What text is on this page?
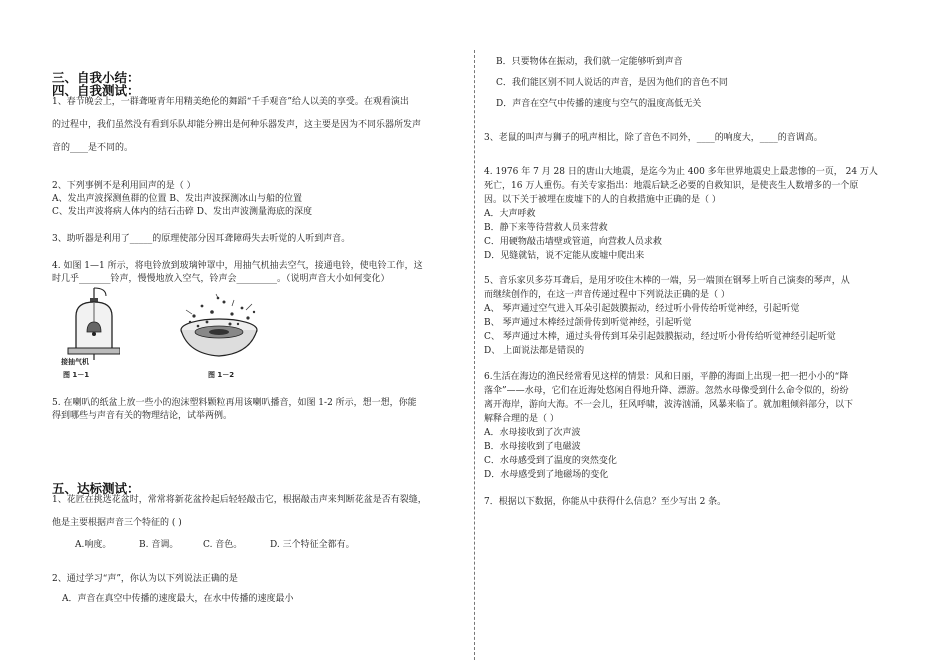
三、自我小结：
四、自我测试：
1、春节晚会上，一群聋哑青年用精美绝伦的舞蹈“千手观音”给人以美的享受。在观看演出
的过程中，我们虽然没有看到乐队却能分辨出是何种乐器发声，这主要是因为不同乐器所发声
音的____是不同的。
2、下列事例不是利用回声的是（ ）
A、发出声波探测鱼群的位置 B、发出声波探测冰山与船的位置
C、发出声波将病人体内的结石击碎 D、发出声波测量海底的深度
3、助听器是利用了_____的原理使部分因耳聋障碍失去听觉的人听到声音。
4. 如图 1—1 所示，将电铃放到玻璃钟罩中，用抽气机抽去空气，接通电铃，使电铃工作，这
时几乎_______铃声，慢慢地放入空气，铃声会_________。（说明声音大小如何变化）
接抽气机
图 1－1	图 1－2
5. 在喇叭的纸盆上放一些小的泡沫塑料颗粒再用该喇叭播音，如图 1-2 所示，想一想，你能
得到哪些与声音有关的物理结论，试举两例。
五、达标测试：
1、花匠在挑选花盆时，常常将新花盆拎起后轻轻敲击它，根据敲击声来判断花盆是否有裂缝，
他是主要根据声音三个特征的 ( )
A.响度。	B. 音调。	C. 音色。	D. 三个特征全都有。
2、通过学习“声”，你认为以下列说法正确的是
A．声音在真空中传播的速度最大，在水中传播的速度最小
B．只要物体在振动，我们就一定能够听到声音
C．我们能区别不同人说话的声音，是因为他们的音色不同
D．声音在空气中传播的速度与空气的温度高低无关
3、老鼠的叫声与狮子的吼声相比，除了音色不同外，____的响度大，____的音调高。
4. 1976 年 7 月 28 日的唐山大地震，是迄今为止 400 多年世界地震史上最悲惨的一页， 24 万人
死亡，16 万人重伤。有关专家指出：地震后缺乏必要的自救知识，是使丧生人数增多的一个原
因。以下关于被埋在废墟下的人的自救措施中正确的是（ ）
A．大声呼救
B．静下来等待营救人员来营救
C．用硬物敲击墙壁或管道，向营救人员求救
D．见缝就钻，说不定能从废墟中爬出来
5、音乐家贝多芬耳聋后，是用牙咬住木棒的一端，另一端顶在钢琴上听自己演奏的琴声，从
而继续创作的，在这一声音传递过程中下列说法正确的是（ ）
A、 琴声通过空气进入耳朵引起鼓膜振动，经过听小骨传给听觉神经，引起听觉
B、 琴声通过木棒经过颌骨传到听觉神经，引起听觉
C、 琴声通过木棒，通过头骨传到耳朵引起鼓膜振动，经过听小骨传给听觉神经引起听觉
D、 上面说法都是错误的
6.生活在海边的渔民经常看见这样的情景：风和日丽，平静的海面上出现一把一把小小的“降
落伞”——水母，它们在近海处悠闲自得地升降、漂游。忽然水母像受到什么命令似的，纷纷
离开海岸，游向大海。不一会儿，狂风呼啸，波涛汹涌，风暴来临了。就加粗倾斜部分，以下
解释合理的是（ ）
A．水母接收到了次声波
B．水母接收到了电磁波
C．水母感受到了温度的突然变化
D．水母感受到了地磁场的变化
7．根据以下数据，你能从中获得什么信息？至少写出 2 条。
